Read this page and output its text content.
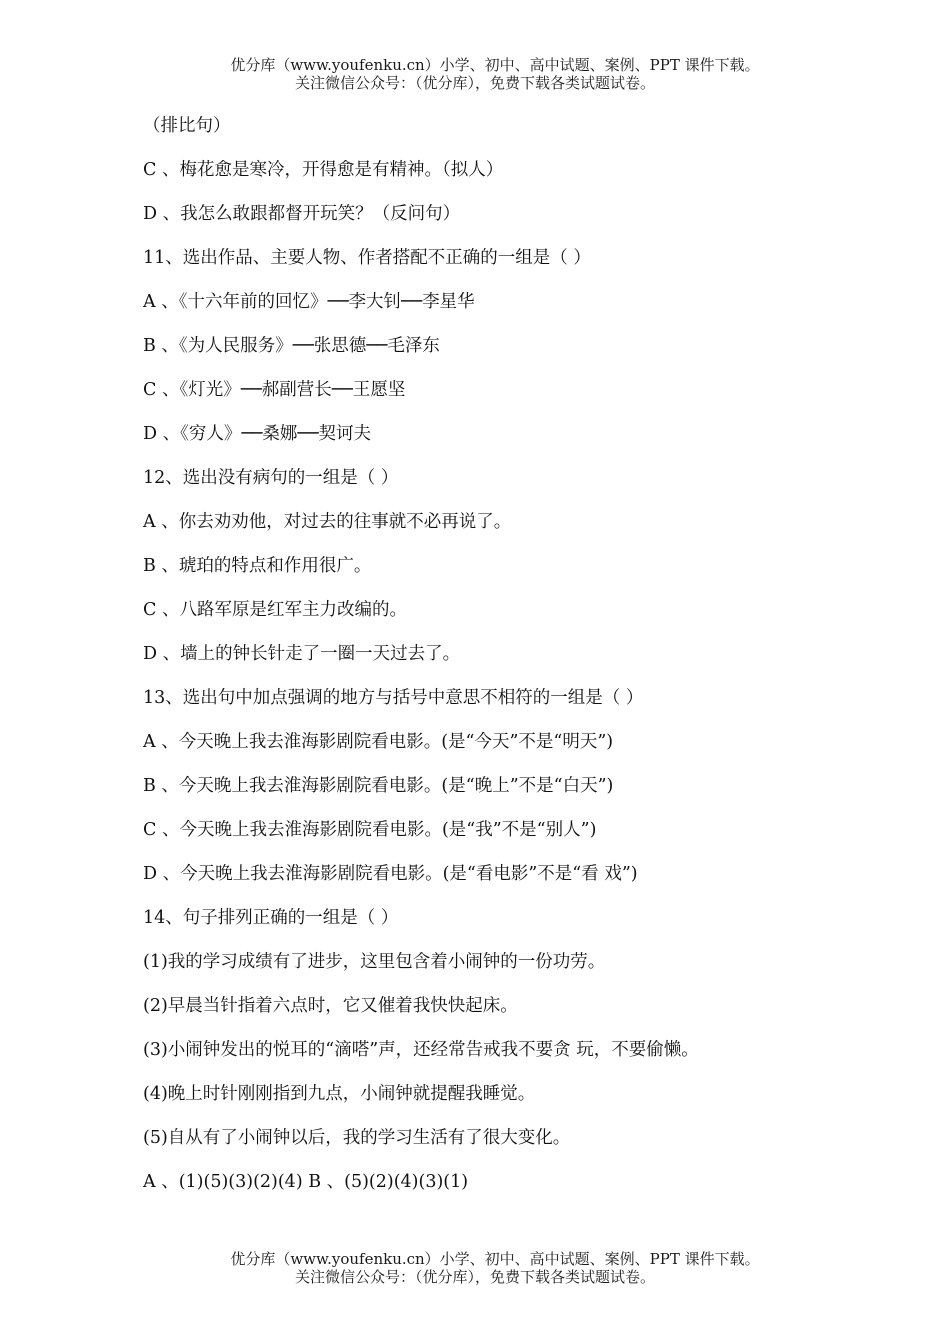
优分库（www.youfenku.cn）小学、初中、高中试题、案例、PPT 课件下载。
关注微信公众号：（优分库），免费下载各类试题试卷。
（排比句）
C 、梅花愈是寒冷，开得愈是有精神。（拟人）
D 、我怎么敢跟都督开玩笑？（反问句）
11、选出作品、主要人物、作者搭配不正确的一组是（ ）
A 、《十六年前的回忆》──李大钊──李星华
B 、《为人民服务》──张思德──毛泽东
C 、《灯光》──郝副营长──王愿坚
D 、《穷人》──桑娜──契诃夫
12、选出没有病句的一组是（ ）
A 、你去劝劝他，对过去的往事就不必再说了。
B 、琥珀的特点和作用很广。
C 、八路军原是红军主力改编的。
D 、墙上的钟长针走了一圈一天过去了。
13、选出句中加点强调的地方与括号中意思不相符的一组是（ ）
A 、今天晚上我去淮海影剧院看电影。(是“今天”不是“明天”)
B 、今天晚上我去淮海影剧院看电影。(是“晚上”不是“白天”)
C 、今天晚上我去淮海影剧院看电影。(是“我”不是“别人”)
D 、今天晚上我去淮海影剧院看电影。(是“看电影”不是“看 戏”)
14、句子排列正确的一组是（ ）
(1)我的学习成绩有了进步，这里包含着小闹钟的一份功劳。
(2)早晨当针指着六点时，它又催着我快快起床。
(3)小闹钟发出的悦耳的“滴嗒”声，还经常告戒我不要贪 玩，不要偷懒。
(4)晚上时针刚刚指到九点，小闹钟就提醒我睡觉。
(5)自从有了小闹钟以后，我的学习生活有了很大变化。
A 、(1)(5)(3)(2)(4) B 、(5)(2)(4)(3)(1)
优分库（www.youfenku.cn）小学、初中、高中试题、案例、PPT 课件下载。
关注微信公众号：（优分库），免费下载各类试题试卷。
